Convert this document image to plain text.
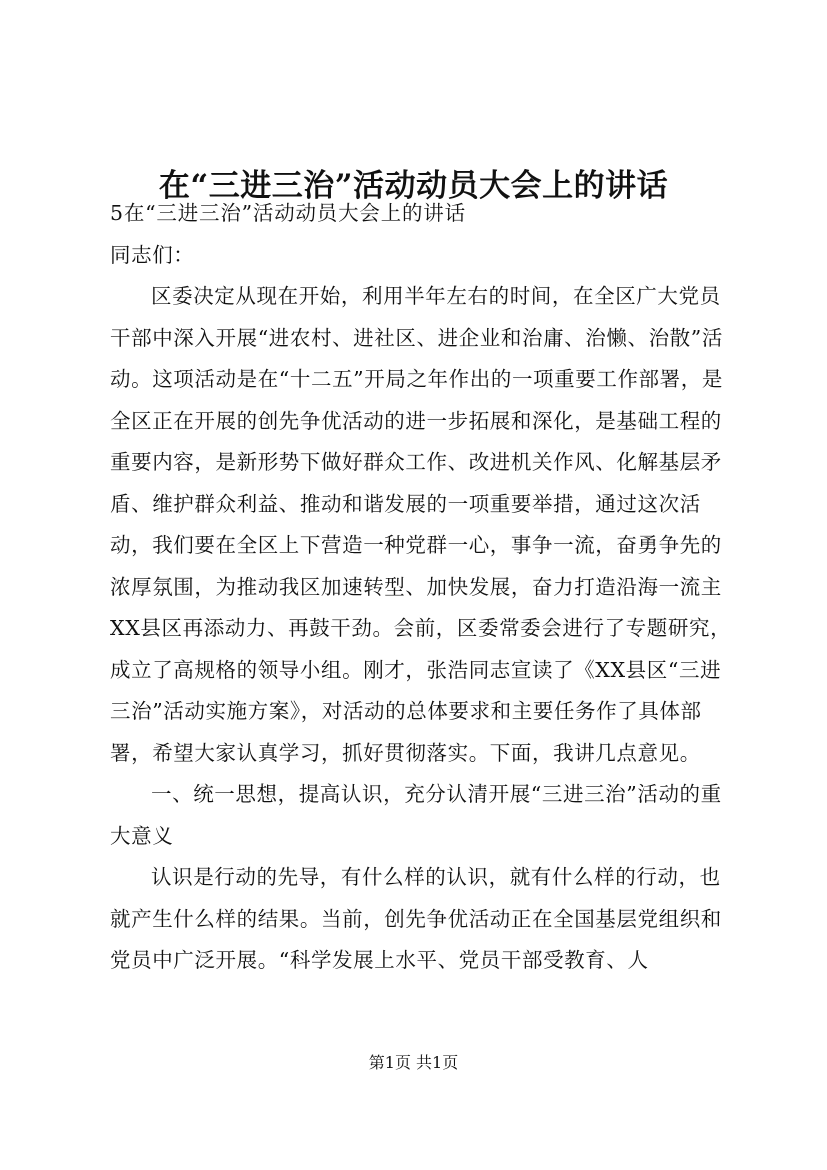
在“三进三治”活动动员大会上的讲话

5在“三进三治”活动动员大会上的讲话

同志们：

区委决定从现在开始，利用半年左右的时间，在全区广大党员干部中深入开展“进农村、进社区、进企业和治庸、治懒、治散”活动。这项活动是在“十二五”开局之年作出的一项重要工作部署，是全区正在开展的创先争优活动的进一步拓展和深化，是基础工程的重要内容，是新形势下做好群众工作、改进机关作风、化解基层矛盾、维护群众利益、推动和谐发展的一项重要举措，通过这次活动，我们要在全区上下营造一种党群一心，事争一流，奋勇争先的浓厚氛围，为推动我区加速转型、加快发展，奋力打造沿海一流主XX县区再添动力、再鼓干劲。会前，区委常委会进行了专题研究，成立了高规格的领导小组。刚才，张浩同志宣读了《XX县区“三进三治”活动实施方案》，对活动的总体要求和主要任务作了具体部署，希望大家认真学习，抓好贯彻落实。下面，我讲几点意见。

一、统一思想，提高认识，充分认清开展“三进三治”活动的重大意义

认识是行动的先导，有什么样的认识，就有什么样的行动，也就产生什么样的结果。当前，创先争优活动正在全国基层党组织和党员中广泛开展。“科学发展上水平、党员干部受教育、人

第1页 共1页
